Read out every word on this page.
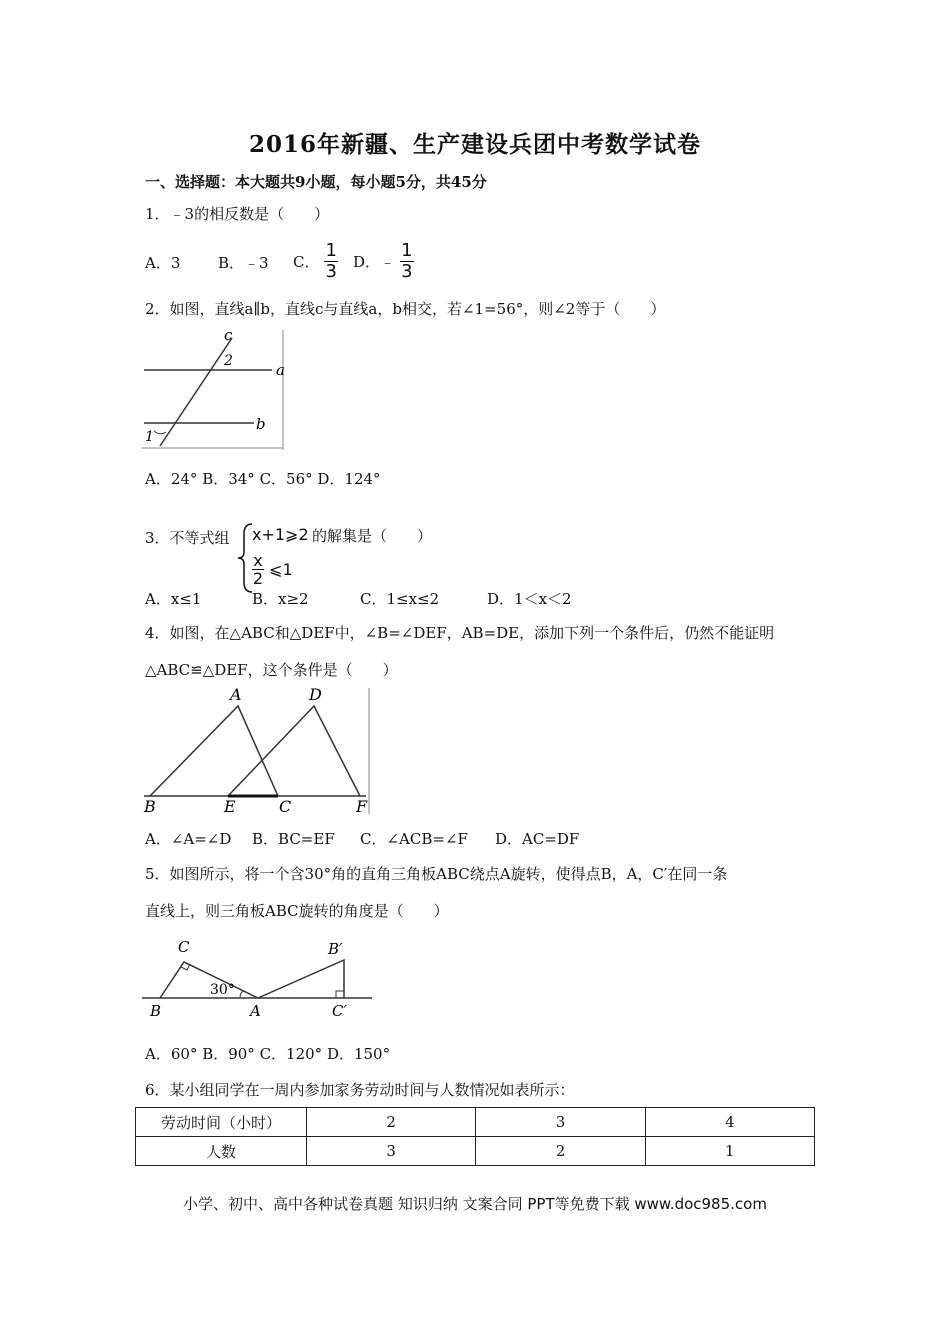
2016年新疆、生产建设兵团中考数学试卷
一、选择题：本大题共9小题，每小题5分，共45分
1．﹣3的相反数是（　　）
A．3	B．﹣3 C． $\frac{1}{3}$ D．﹣ $\frac{1}{3}$
2．如图，直线a∥b，直线c与直线a，b相交，若∠1=56°，则∠2等于（　　）
c
a
b
1
2
A．24° B．34° C．56° D．124°
3．不等式组 x+1⩾2 的解集是（　　）
$\frac{x}{2}$ ⩽1
A．x≤1	B．x≥2	C．1≤x≤2	D．1＜x＜2
4．如图，在△ABC和△DEF中，∠B=∠DEF，AB=DE，添加下列一个条件后，仍然不能证明
△ABC≌△DEF，这个条件是（　　）
A	D
B	E	C	F
A．∠A=∠D B．BC=EF C．∠ACB=∠F D．AC=DF
5．如图所示，将一个含30°角的直角三角板ABC绕点A旋转，使得点B，A，C′在同一条
直线上，则三角板ABC旋转的角度是（　　）
C	B′
30°
B	A	C′
A．60° B．90° C．120° D．150°
6．某小组同学在一周内参加家务劳动时间与人数情况如表所示：
劳动时间（小时）	2	3	4
人数	3	2	1
小学、初中、高中各种试卷真题 知识归纳 文案合同 PPT等免费下载 www.doc985.com
